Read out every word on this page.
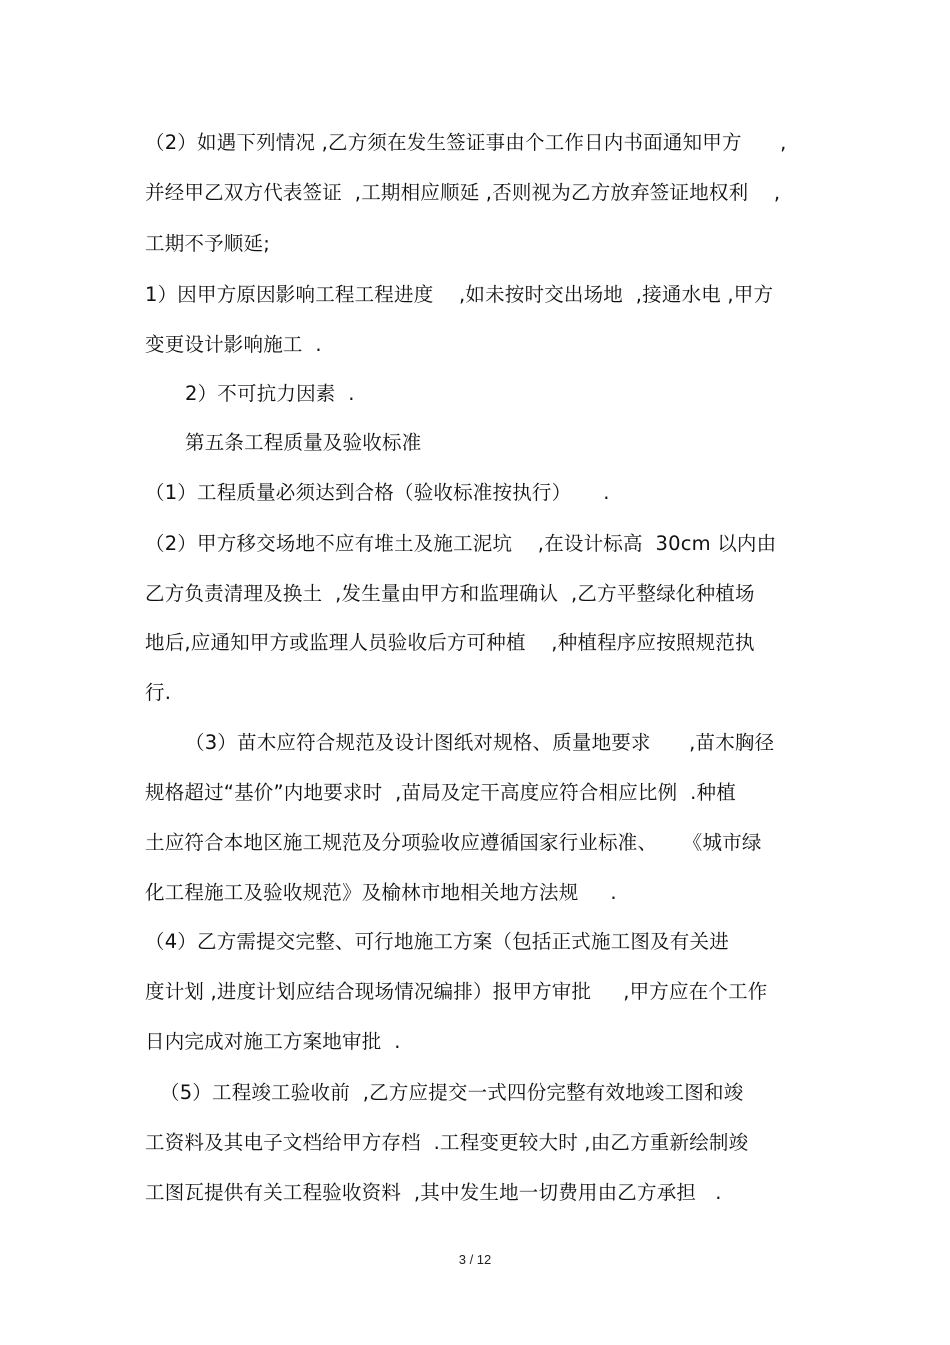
（2）如遇下列情况 ,乙方须在发生签证事由个工作日内书面通知甲方      ,
并经甲乙双方代表签证  ,工期相应顺延 ,否则视为乙方放弃签证地权利    ,
工期不予顺延;
1）因甲方原因影响工程工程进度    ,如未按时交出场地  ,接通水电 ,甲方
变更设计影响施工  .
2）不可抗力因素  .
第五条工程质量及验收标准
（1）工程质量必须达到合格（验收标准按执行）     .
（2）甲方移交场地不应有堆土及施工泥坑    ,在设计标高  30cm 以内由
乙方负责清理及换土  ,发生量由甲方和监理确认  ,乙方平整绿化种植场
地后,应通知甲方或监理人员验收后方可种植    ,种植程序应按照规范执
行.
（3）苗木应符合规范及设计图纸对规格、质量地要求      ,苗木胸径
规格超过“基价”内地要求时  ,苗局及定干高度应符合相应比例  .种植
土应符合本地区施工规范及分项验收应遵循国家行业标准、    《城市绿
化工程施工及验收规范》及榆林市地相关地方法规     .
（4）乙方需提交完整、可行地施工方案（包括正式施工图及有关进
度计划 ,进度计划应结合现场情况编排）报甲方审批     ,甲方应在个工作
日内完成对施工方案地审批  .
（5）工程竣工验收前  ,乙方应提交一式四份完整有效地竣工图和竣
工资料及其电子文档给甲方存档  .工程变更较大时 ,由乙方重新绘制竣
工图瓦提供有关工程验收资料  ,其中发生地一切费用由乙方承担   .
3 / 12
